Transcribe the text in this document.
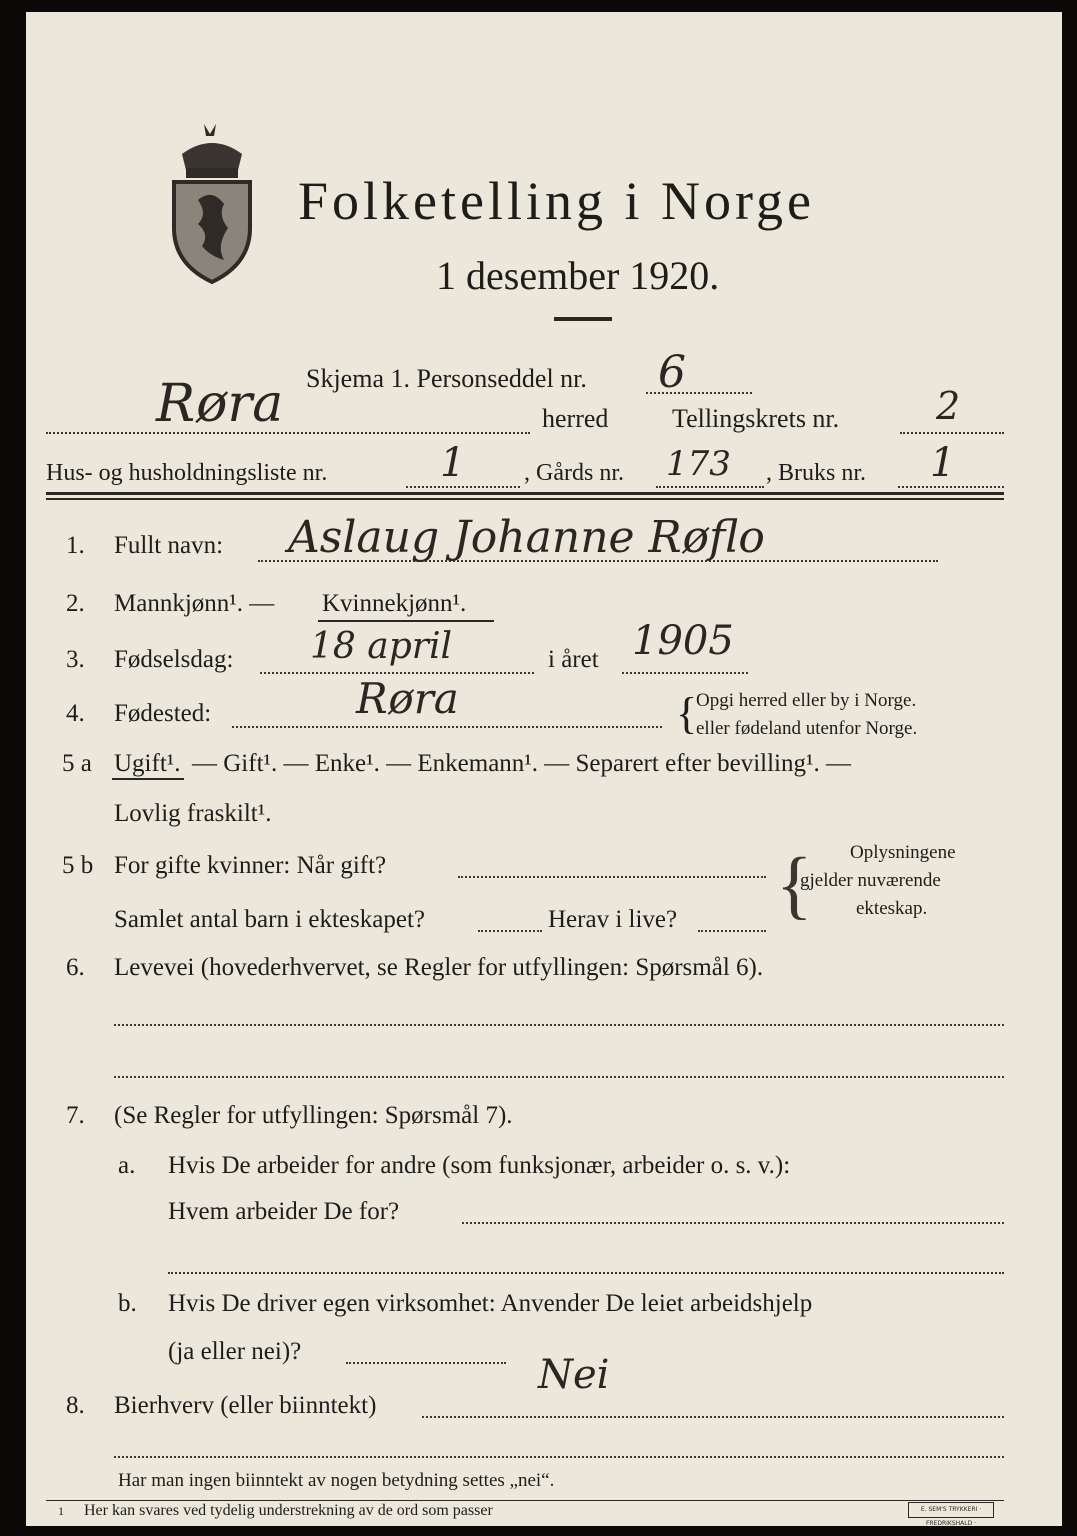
Folketelling i Norge
1 desember 1920.
Skjema 1. Personseddel nr. 6
Røra	herred Tellingskrets nr.	2
Hus- og husholdningsliste nr.	1 , Gårds nr. 173 , Bruks nr. 1
1. Fullt navn: Aslaug Johanne Røflo
2. Mannkjønn¹. — Kvinnekjønn¹.
3. Fødselsdag: 18 april	i året 1905
4. Fødested:	Røra	{
Opgi herred eller by i Norge.
eller fødeland utenfor Norge.
5 a Ugift¹. — Gift¹. — Enke¹. — Enkemann¹. — Separert efter bevilling¹. —
Lovlig fraskilt¹.
5 b For gifte kvinner: Når gift?
Samlet antal barn i ekteskapet?	Herav i live? { Oplysningene
gjelder nuværende
ekteskap.
6. Levevei (hovederhvervet, se Regler for utfyllingen: Spørsmål 6).
7. (Se Regler for utfyllingen: Spørsmål 7).
a. Hvis De arbeider for andre (som funksjonær, arbeider o. s. v.):
Hvem arbeider De for?
b. Hvis De driver egen virksomhet: Anvender De leiet arbeidshjelp
(ja eller nei)?
8. Bierhverv (eller biinntekt)
Nei
Har man ingen biinntekt av nogen betydning settes „nei“.
1 Her kan svares ved tydelig understrekning av de ord som passer	E. SEM'S TRYKKERI · FREDRIKSHALD ·
